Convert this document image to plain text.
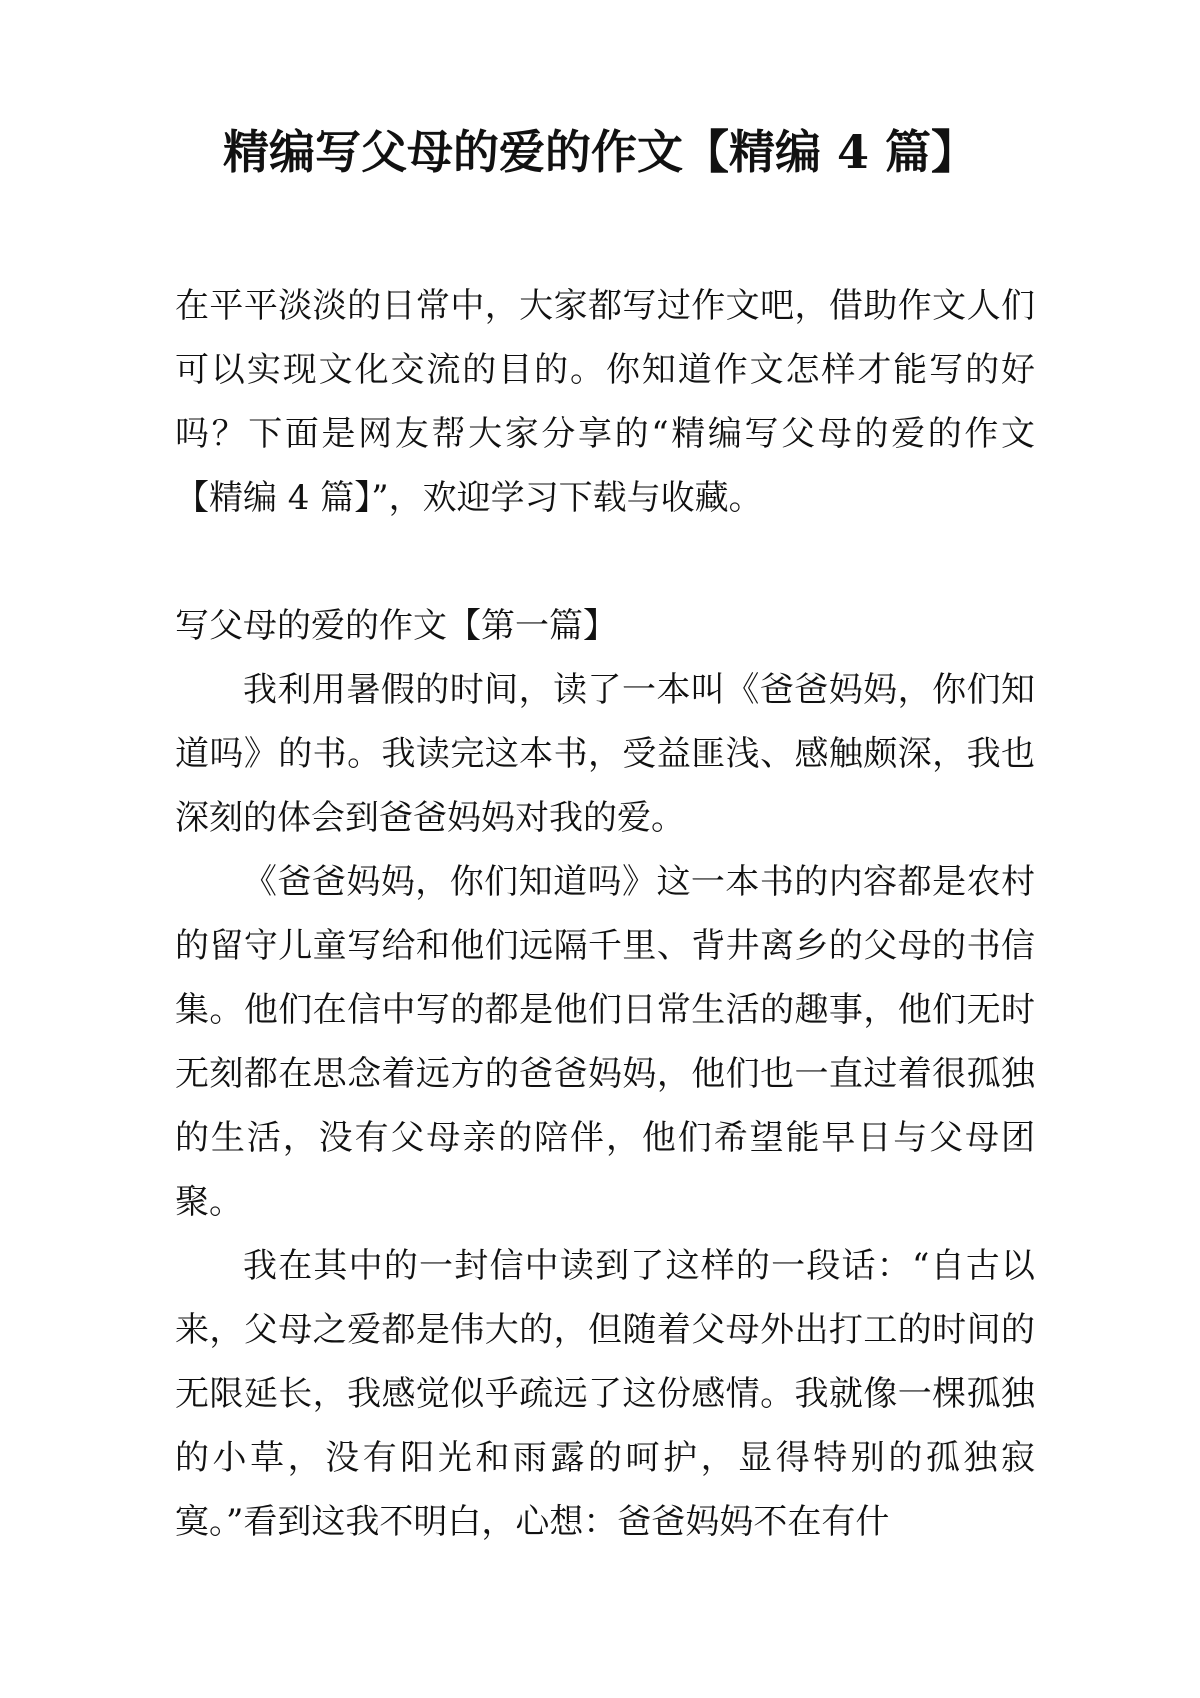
精编写父母的爱的作文【精编 4 篇】

在平平淡淡的日常中，大家都写过作文吧，借助作文人们可以实现文化交流的目的。你知道作文怎样才能写的好吗？下面是网友帮大家分享的“精编写父母的爱的作文【精编 4 篇】”，欢迎学习下载与收藏。

写父母的爱的作文【第一篇】

我利用暑假的时间，读了一本叫《爸爸妈妈，你们知道吗》的书。我读完这本书，受益匪浅、感触颇深，我也深刻的体会到爸爸妈妈对我的爱。

《爸爸妈妈，你们知道吗》这一本书的内容都是农村的留守儿童写给和他们远隔千里、背井离乡的父母的书信集。他们在信中写的都是他们日常生活的趣事，他们无时无刻都在思念着远方的爸爸妈妈，他们也一直过着很孤独的生活，没有父母亲的陪伴，他们希望能早日与父母团聚。

我在其中的一封信中读到了这样的一段话：“自古以来，父母之爱都是伟大的，但随着父母外出打工的时间的无限延长，我感觉似乎疏远了这份感情。我就像一棵孤独的小草，没有阳光和雨露的呵护，显得特别的孤独寂寞。”看到这我不明白，心想：爸爸妈妈不在有什
